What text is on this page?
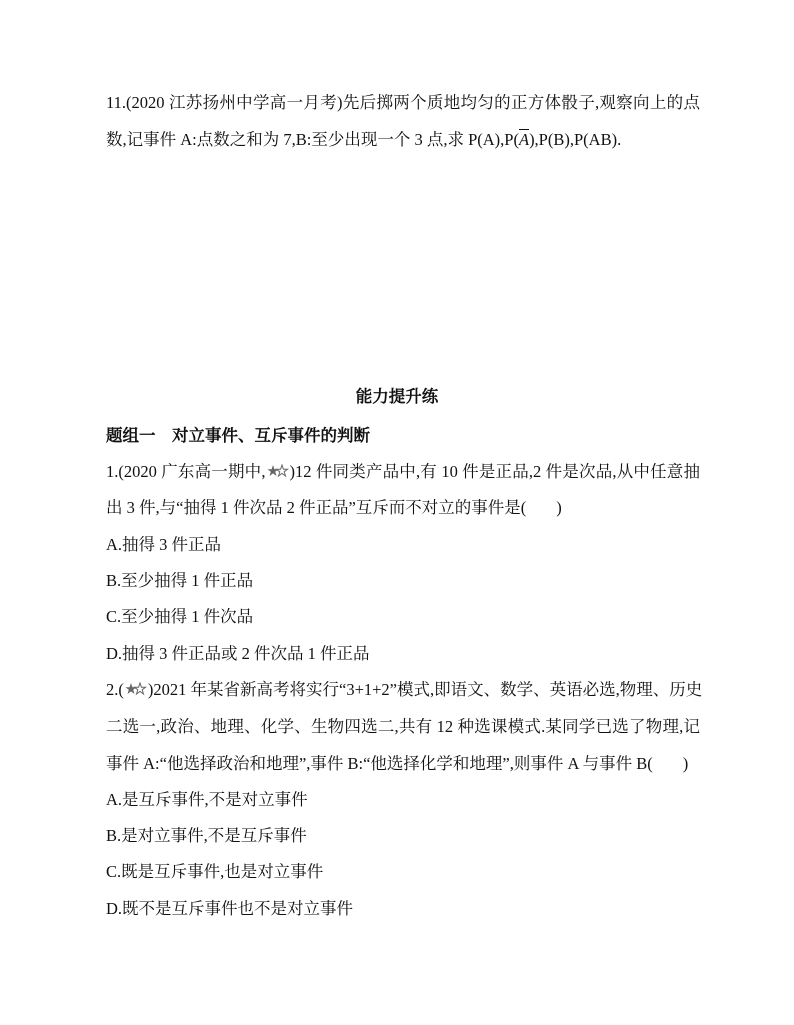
11.(2020 江苏扬州中学高一月考)先后掷两个质地均匀的正方体骰子,观察向上的点
数,记事件 A:点数之和为 7,B:至少出现一个 3 点,求 $P(A),P(\overline{A}),P(B),P(AB)$.
能力提升练
题组一　对立事件、互斥事件的判断
1.(2020 广东高一期中, )12 件同类产品中,有 10 件是正品,2 件是次品,从中任意抽
出 3 件,与“抽得 1 件次品 2 件正品”互斥而不对立的事件是( )
A.抽得 3 件正品
B.至少抽得 1 件正品
C.至少抽得 1 件次品
D.抽得 3 件正品或 2 件次品 1 件正品
2.( )2021 年某省新高考将实行“3+1+2”模式,即语文、数学、英语必选,物理、历史
二选一,政治、地理、化学、生物四选二,共有 12 种选课模式.某同学已选了物理,记
事件 A:“他选择政治和地理”,事件 B:“他选择化学和地理”,则事件 A 与事件 B( )
A.是互斥事件,不是对立事件
B.是对立事件,不是互斥事件
C.既是互斥事件,也是对立事件
D.既不是互斥事件也不是对立事件
